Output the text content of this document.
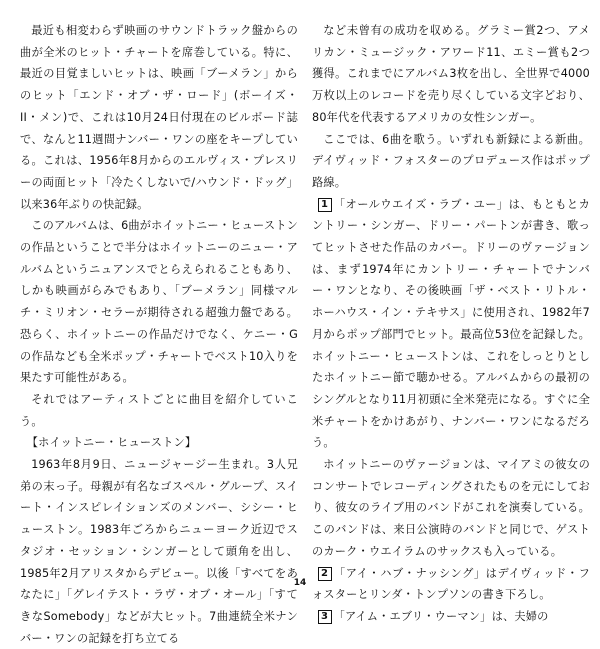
最近も相変わらず映画のサウンドトラック盤からの曲が全米のヒット・チャートを席巻している。特に、最近の目覚ましいヒットは、映画「ブーメラン」からのヒット「エンド・オブ・ザ・ロード」(ボーイズ・II・メン)で、これは10月24日付現在のビルボード誌で、なんと11週間ナンバー・ワンの座をキープしている。これは、1956年8月からのエルヴィス・プレスリーの両面ヒット「冷たくしないで/ハウンド・ドッグ」以来36年ぶりの快記録。

このアルバムは、6曲がホイットニー・ヒューストンの作品ということで半分はホイットニーのニュー・アルバムというニュアンスでとらえられることもあり、しかも映画がらみでもあり、「ブーメラン」同様マルチ・ミリオン・セラーが期待される超強力盤である。恐らく、ホイットニーの作品だけでなく、ケニー・Gの作品なども全米ポップ・チャートでベスト10入りを果たす可能性がある。

それではアーティストごとに曲目を紹介していこう。

【ホイットニー・ヒューストン】

1963年8月9日、ニュージャージー生まれ。3人兄弟の末っ子。母親が有名なゴスペル・グループ、スイート・インスピレイションズのメンバー、シシー・ヒューストン。1983年ごろからニューヨーク近辺でスタジオ・セッション・シンガーとして頭角を出し、1985年2月アリスタからデビュー。以後「すべてをあなたに」「グレイテスト・ラヴ・オブ・オール」「すてきなSomebody」などが大ヒット。7曲連続全米ナンバー・ワンの記録を打ち立てる

など未曾有の成功を収める。グラミー賞2つ、アメリカン・ミュージック・アワード11、エミー賞も2つ獲得。これまでにアルバム3枚を出し、全世界で4000万枚以上のレコードを売り尽くしている文字どおり、80年代を代表するアメリカの女性シンガー。

ここでは、6曲を歌う。いずれも新録による新曲。デイヴィッド・フォスターのプロデュース作はポップ路線。

1 「オールウエイズ・ラブ・ユー」は、もともとカントリー・シンガー、ドリー・パートンが書き、歌ってヒットさせた作品のカバー。ドリーのヴァージョンは、まず1974年にカントリー・チャートでナンバー・ワンとなり、その後映画「ザ・ベスト・リトル・ホーハウス・イン・テキサス」に使用され、1982年7月からポップ部門でヒット。最高位53位を記録した。ホイットニー・ヒューストンは、これをしっとりとしたホイットニー節で聴かせる。アルバムからの最初のシングルとなり11月初頭に全米発売になる。すぐに全米チャートをかけあがり、ナンバー・ワンになるだろう。

ホイットニーのヴァージョンは、マイアミの彼女のコンサートでレコーディングされたものを元にしており、彼女のライブ用のバンドがこれを演奏している。このバンドは、来日公演時のバンドと同じで、ゲストのカーク・ウエイラムのサックスも入っている。

2 「アイ・ハブ・ナッシング」はデイヴィッド・フォスターとリンダ・トンプソンの書き下ろし。

3 「アイム・エブリ・ウーマン」は、夫婦の

14
